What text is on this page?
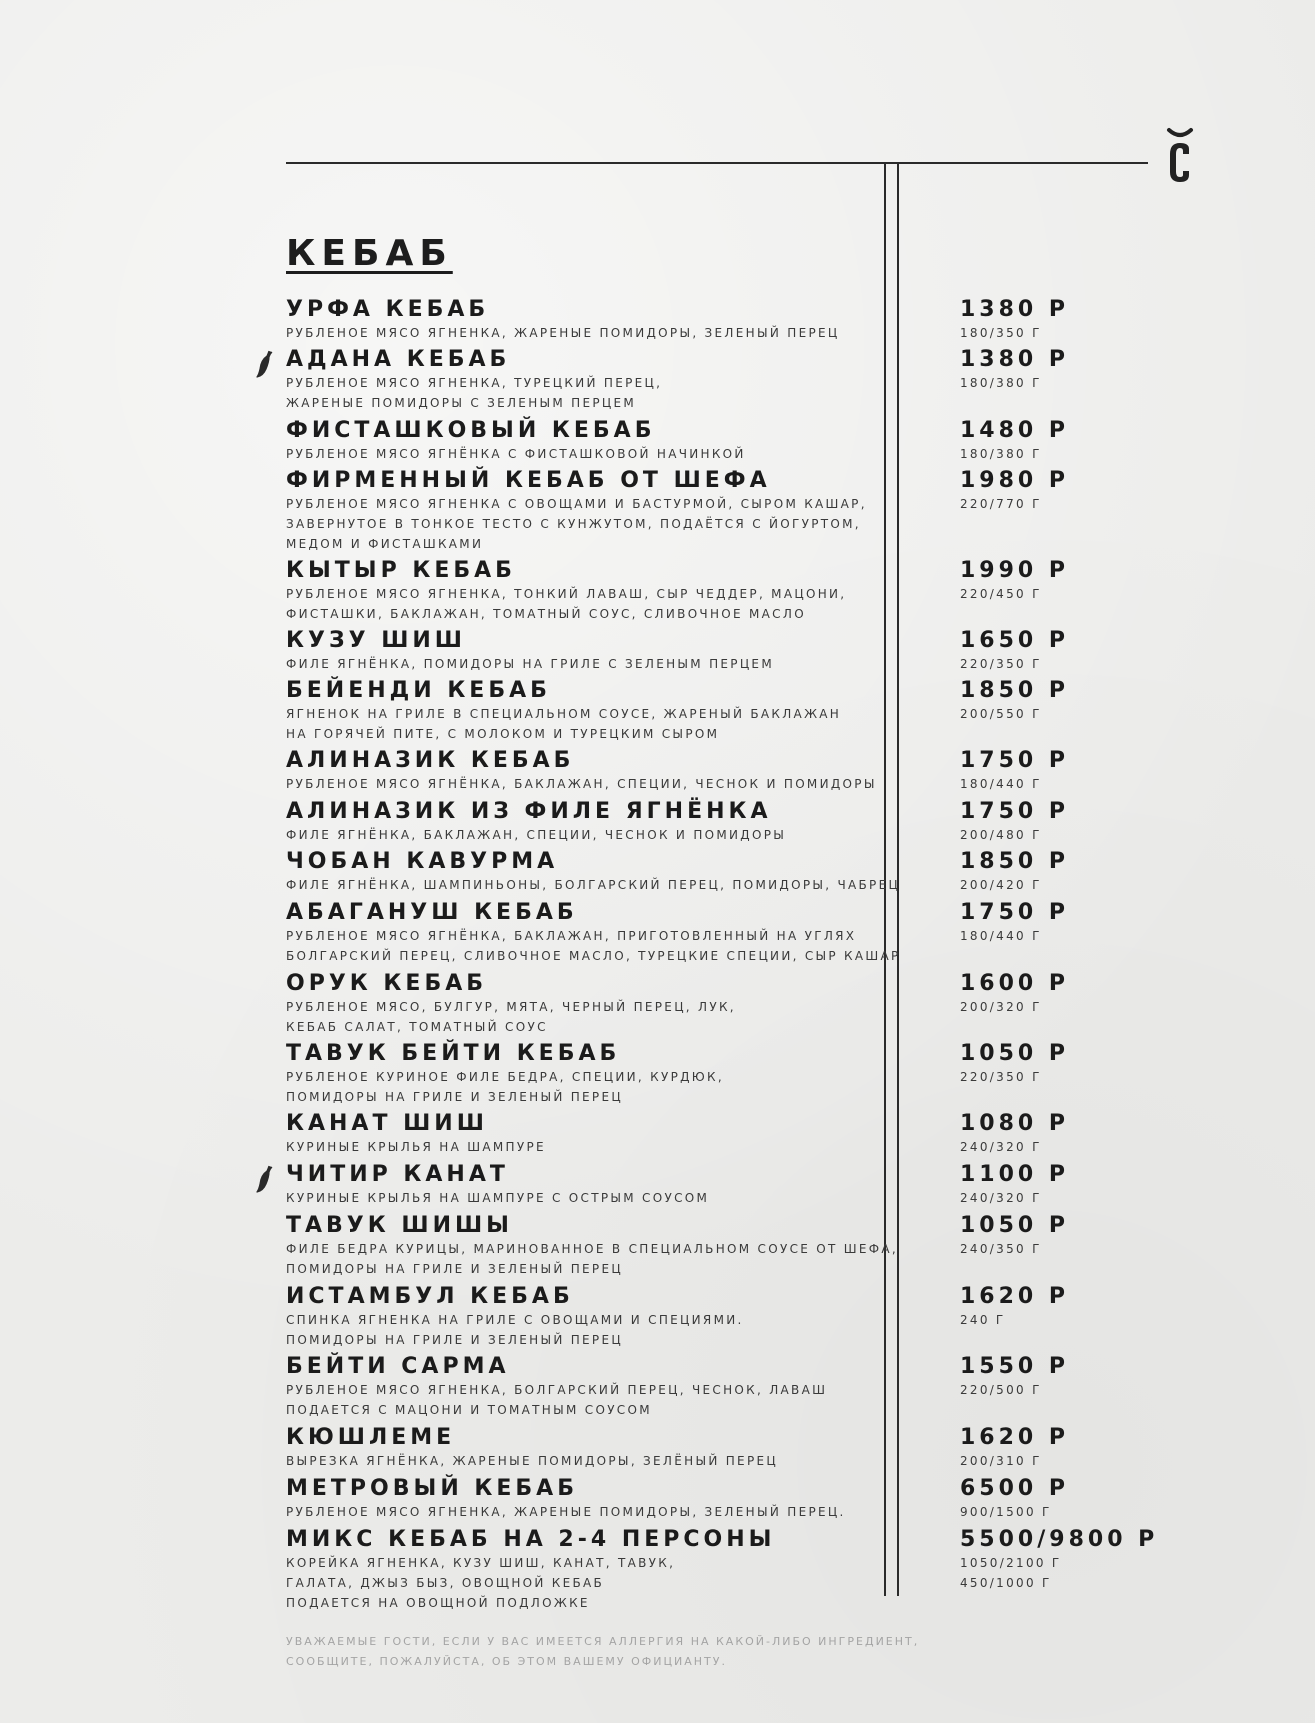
КЕБАБ
УРФА КЕБАБ
РУБЛЕНОЕ МЯСО ЯГНЕНКА, ЖАРЕНЫЕ ПОМИДОРЫ, ЗЕЛЕНЫЙ ПЕРЕЦ
1380 Р
180/350 Г
АДАНА КЕБАБ
РУБЛЕНОЕ МЯСО ЯГНЕНКА, ТУРЕЦКИЙ ПЕРЕЦ,
ЖАРЕНЫЕ ПОМИДОРЫ С ЗЕЛЕНЫМ ПЕРЦЕМ
1380 Р
180/380 Г
ФИСТАШКОВЫЙ КЕБАБ
РУБЛЕНОЕ МЯСО ЯГНЁНКА С ФИСТАШКОВОЙ НАЧИНКОЙ
1480 Р
180/380 Г
ФИРМЕННЫЙ КЕБАБ ОТ ШЕФА
РУБЛЕНОЕ МЯСО ЯГНЕНКА С ОВОЩАМИ И БАСТУРМОЙ, СЫРОМ КАШАР,
ЗАВЕРНУТОЕ В ТОНКОЕ ТЕСТО С КУНЖУТОМ, ПОДАЁТСЯ С ЙОГУРТОМ,
МЕДОМ И ФИСТАШКАМИ
1980 Р
220/770 Г
КЫТЫР КЕБАБ
РУБЛЕНОЕ МЯСО ЯГНЕНКА, ТОНКИЙ ЛАВАШ, СЫР ЧЕДДЕР, МАЦОНИ,
ФИСТАШКИ, БАКЛАЖАН, ТОМАТНЫЙ СОУС, СЛИВОЧНОЕ МАСЛО
1990 Р
220/450 Г
КУЗУ ШИШ
ФИЛЕ ЯГНЁНКА, ПОМИДОРЫ НА ГРИЛЕ С ЗЕЛЕНЫМ ПЕРЦЕМ
1650 Р
220/350 Г
БЕЙЕНДИ КЕБАБ
ЯГНЕНОК НА ГРИЛЕ В СПЕЦИАЛЬНОМ СОУСЕ, ЖАРЕНЫЙ БАКЛАЖАН
НА ГОРЯЧЕЙ ПИТЕ, С МОЛОКОМ И ТУРЕЦКИМ СЫРОМ
1850 Р
200/550 Г
АЛИНАЗИК КЕБАБ
РУБЛЕНОЕ МЯСО ЯГНЁНКА, БАКЛАЖАН, СПЕЦИИ, ЧЕСНОК И ПОМИДОРЫ
1750 Р
180/440 Г
АЛИНАЗИК ИЗ ФИЛЕ ЯГНЁНКА
ФИЛЕ ЯГНЁНКА, БАКЛАЖАН, СПЕЦИИ, ЧЕСНОК И ПОМИДОРЫ
1750 Р
200/480 Г
ЧОБАН КАВУРМА
ФИЛЕ ЯГНЁНКА, ШАМПИНЬОНЫ, БОЛГАРСКИЙ ПЕРЕЦ, ПОМИДОРЫ, ЧАБРЕЦ
1850 Р
200/420 Г
АБАГАНУШ КЕБАБ
РУБЛЕНОЕ МЯСО ЯГНЁНКА, БАКЛАЖАН, ПРИГОТОВЛЕННЫЙ НА УГЛЯХ
БОЛГАРСКИЙ ПЕРЕЦ, СЛИВОЧНОЕ МАСЛО, ТУРЕЦКИЕ СПЕЦИИ, СЫР КАШАР
1750 Р
180/440 Г
ОРУК КЕБАБ
РУБЛЕНОЕ МЯСО, БУЛГУР, МЯТА, ЧЕРНЫЙ ПЕРЕЦ, ЛУК,
КЕБАБ САЛАТ, ТОМАТНЫЙ СОУС
1600 Р
200/320 Г
ТАВУК БЕЙТИ КЕБАБ
РУБЛЕНОЕ КУРИНОЕ ФИЛЕ БЕДРА, СПЕЦИИ, КУРДЮК,
ПОМИДОРЫ НА ГРИЛЕ И ЗЕЛЕНЫЙ ПЕРЕЦ
1050 Р
220/350 Г
КАНАТ ШИШ
КУРИНЫЕ КРЫЛЬЯ НА ШАМПУРЕ
1080 Р
240/320 Г
ЧИТИР КАНАТ
КУРИНЫЕ КРЫЛЬЯ НА ШАМПУРЕ С ОСТРЫМ СОУСОМ
1100 Р
240/320 Г
ТАВУК ШИШЫ
ФИЛЕ БЕДРА КУРИЦЫ, МАРИНОВАННОЕ В СПЕЦИАЛЬНОМ СОУСЕ ОТ ШЕФА,
ПОМИДОРЫ НА ГРИЛЕ И ЗЕЛЕНЫЙ ПЕРЕЦ
1050 Р
240/350 Г
ИСТАМБУЛ КЕБАБ
СПИНКА ЯГНЕНКА НА ГРИЛЕ С ОВОЩАМИ И СПЕЦИЯМИ.
ПОМИДОРЫ НА ГРИЛЕ И ЗЕЛЕНЫЙ ПЕРЕЦ
1620 Р
240 Г
БЕЙТИ САРМА
РУБЛЕНОЕ МЯСО ЯГНЕНКА, БОЛГАРСКИЙ ПЕРЕЦ, ЧЕСНОК, ЛАВАШ
ПОДАЕТСЯ С МАЦОНИ И ТОМАТНЫМ СОУСОМ
1550 Р
220/500 Г
КЮШЛЕМЕ
ВЫРЕЗКА ЯГНЁНКА, ЖАРЕНЫЕ ПОМИДОРЫ, ЗЕЛЁНЫЙ ПЕРЕЦ
1620 Р
200/310 Г
МЕТРОВЫЙ КЕБАБ
РУБЛЕНОЕ МЯСО ЯГНЕНКА, ЖАРЕНЫЕ ПОМИДОРЫ, ЗЕЛЕНЫЙ ПЕРЕЦ.
6500 Р
900/1500 Г
МИКС КЕБАБ НА 2-4 ПЕРСОНЫ
КОРЕЙКА ЯГНЕНКА, КУЗУ ШИШ, КАНАТ, ТАВУК,
ГАЛАТА, ДЖЫЗ БЫЗ, ОВОЩНОЙ КЕБАБ
ПОДАЕТСЯ НА ОВОЩНОЙ ПОДЛОЖКЕ
5500/9800 Р
1050/2100 Г
450/1000 Г
УВАЖАЕМЫЕ ГОСТИ, ЕСЛИ У ВАС ИМЕЕТСЯ АЛЛЕРГИЯ НА КАКОЙ-ЛИБО ИНГРЕДИЕНТ,
СООБЩИТЕ, ПОЖАЛУЙСТА, ОБ ЭТОМ ВАШЕМУ ОФИЦИАНТУ.
